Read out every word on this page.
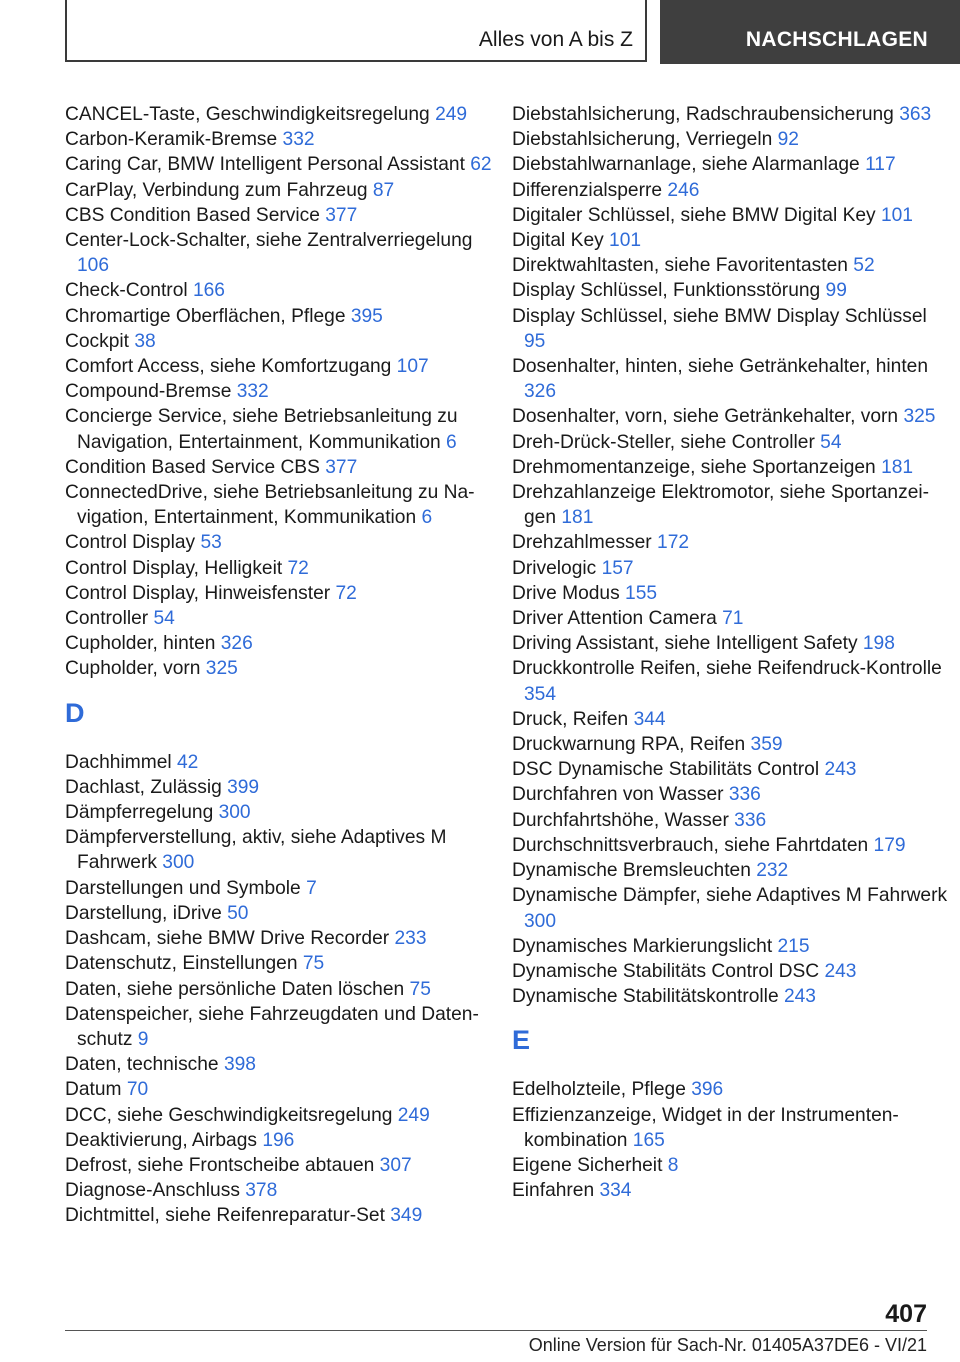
Alles von A bis Z	NACHSCHLAGEN

CANCEL-Taste, Geschwindigkeitsregelung 249

Carbon-Keramik-Bremse 332

Caring Car, BMW Intelligent Personal Assistant 62

CarPlay, Verbindung zum Fahrzeug 87

CBS Condition Based Service 377

Center-Lock-Schalter, siehe Zentralverriegelung 106

Check-Control 166

Chromartige Oberflächen, Pflege 395

Cockpit 38

Comfort Access, siehe Komfortzugang 107

Compound-Bremse 332

Concierge Service, siehe Betriebsanleitung zu Navigation, Entertainment, Kommunikation 6

Condition Based Service CBS 377

ConnectedDrive, siehe Betriebsanleitung zu Navigation, Entertainment, Kommunikation 6

Control Display 53

Control Display, Helligkeit 72

Control Display, Hinweisfenster 72

Controller 54

Cupholder, hinten 326

Cupholder, vorn 325

D

Dachhimmel 42

Dachlast, Zulässig 399

Dämpferregelung 300

Dämpferverstellung, aktiv, siehe Adaptives M Fahrwerk 300

Darstellungen und Symbole 7

Darstellung, iDrive 50

Dashcam, siehe BMW Drive Recorder 233

Datenschutz, Einstellungen 75

Daten, siehe persönliche Daten löschen 75

Datenspeicher, siehe Fahrzeugdaten und Datenschutz 9

Daten, technische 398

Datum 70

DCC, siehe Geschwindigkeitsregelung 249

Deaktivierung, Airbags 196

Defrost, siehe Frontscheibe abtauen 307

Diagnose-Anschluss 378

Dichtmittel, siehe Reifenreparatur-Set 349

Diebstahlsicherung, Radschraubensicherung 363

Diebstahlsicherung, Verriegeln 92

Diebstahlwarnanlage, siehe Alarmanlage 117

Differenzialsperre 246

Digitaler Schlüssel, siehe BMW Digital Key 101

Digital Key 101

Direktwahltasten, siehe Favoritentasten 52

Display Schlüssel, Funktionsstörung 99

Display Schlüssel, siehe BMW Display Schlüssel 95

Dosenhalter, hinten, siehe Getränkehalter, hinten 326

Dosenhalter, vorn, siehe Getränkehalter, vorn 325

Dreh-Drück-Steller, siehe Controller 54

Drehmomentanzeige, siehe Sportanzeigen 181

Drehzahlanzeige Elektromotor, siehe Sportanzeigen 181

Drehzahlmesser 172

Drivelogic 157

Drive Modus 155

Driver Attention Camera 71

Driving Assistant, siehe Intelligent Safety 198

Druckkontrolle Reifen, siehe Reifendruck-Kontrolle 354

Druck, Reifen 344

Druckwarnung RPA, Reifen 359

DSC Dynamische Stabilitäts Control 243

Durchfahren von Wasser 336

Durchfahrtshöhe, Wasser 336

Durchschnittsverbrauch, siehe Fahrtdaten 179

Dynamische Bremsleuchten 232

Dynamische Dämpfer, siehe Adaptives M Fahrwerk 300

Dynamisches Markierungslicht 215

Dynamische Stabilitäts Control DSC 243

Dynamische Stabilitätskontrolle 243

E

Edelholzteile, Pflege 396

Effizienzanzeige, Widget in der Instrumentenkombination 165

Eigene Sicherheit 8

Einfahren 334

407
Online Version für Sach-Nr. 01405A37DE6 - VI/21
